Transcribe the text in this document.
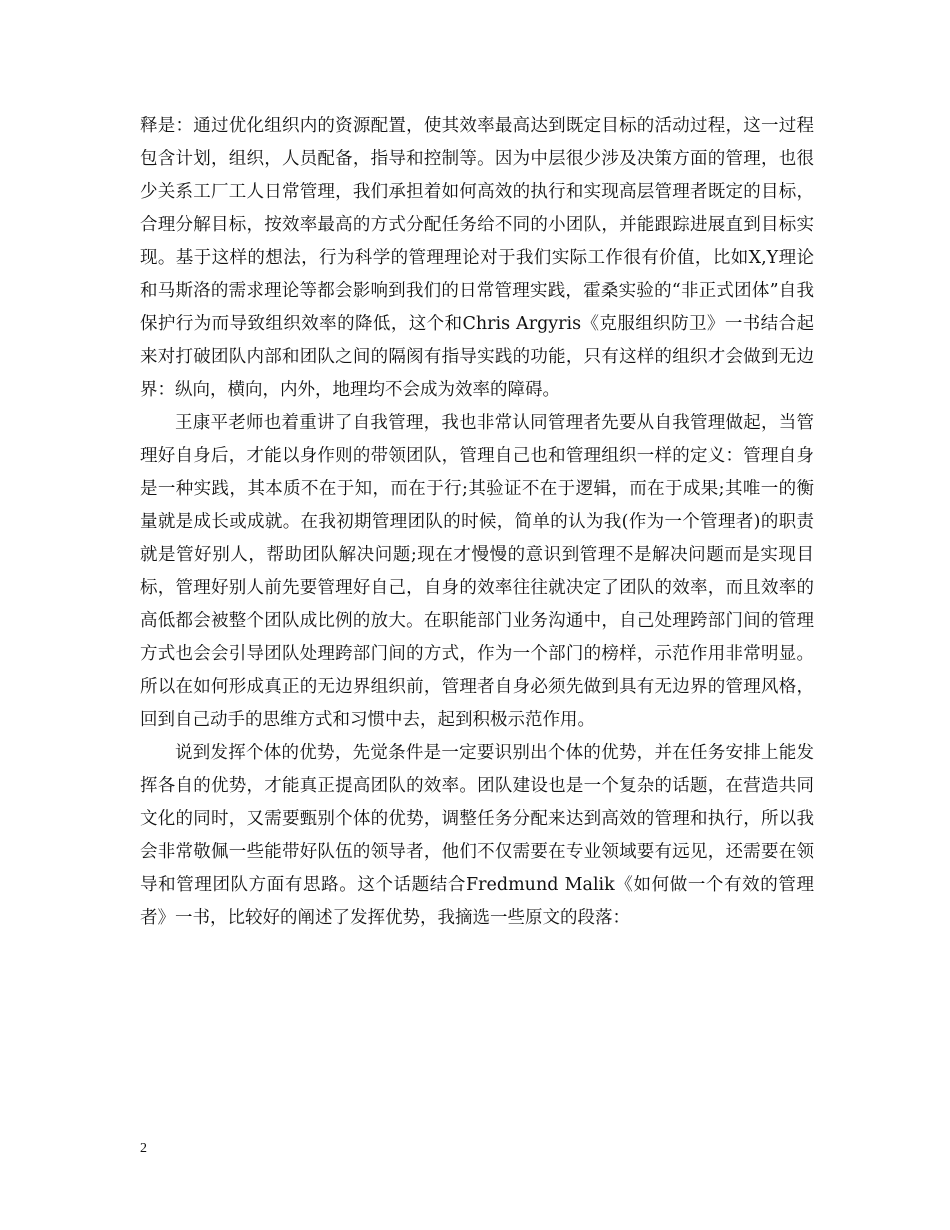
释是：通过优化组织内的资源配置，使其效率最高达到既定目标的活动过程，这一过程包含计划，组织，人员配备，指导和控制等。因为中层很少涉及决策方面的管理，也很少关系工厂工人日常管理，我们承担着如何高效的执行和实现高层管理者既定的目标，合理分解目标，按效率最高的方式分配任务给不同的小团队，并能跟踪进展直到目标实现。基于这样的想法，行为科学的管理理论对于我们实际工作很有价值，比如X,Y理论和马斯洛的需求理论等都会影响到我们的日常管理实践，霍桑实验的“非正式团体”自我保护行为而导致组织效率的降低，这个和Chris Argyris《克服组织防卫》一书结合起来对打破团队内部和团队之间的隔阂有指导实践的功能，只有这样的组织才会做到无边界：纵向，横向，内外，地理均不会成为效率的障碍。

王康平老师也着重讲了自我管理，我也非常认同管理者先要从自我管理做起，当管理好自身后，才能以身作则的带领团队，管理自己也和管理组织一样的定义：管理自身是一种实践，其本质不在于知，而在于行;其验证不在于逻辑，而在于成果;其唯一的衡量就是成长或成就。在我初期管理团队的时候，简单的认为我(作为一个管理者)的职责就是管好别人，帮助团队解决问题;现在才慢慢的意识到管理不是解决问题而是实现目标，管理好别人前先要管理好自己，自身的效率往往就决定了团队的效率，而且效率的高低都会被整个团队成比例的放大。在职能部门业务沟通中，自己处理跨部门间的管理方式也会会引导团队处理跨部门间的方式，作为一个部门的榜样，示范作用非常明显。所以在如何形成真正的无边界组织前，管理者自身必须先做到具有无边界的管理风格，回到自己动手的思维方式和习惯中去，起到积极示范作用。

说到发挥个体的优势，先觉条件是一定要识别出个体的优势，并在任务安排上能发挥各自的优势，才能真正提高团队的效率。团队建设也是一个复杂的话题，在营造共同文化的同时，又需要甄别个体的优势，调整任务分配来达到高效的管理和执行，所以我会非常敬佩一些能带好队伍的领导者，他们不仅需要在专业领域要有远见，还需要在领导和管理团队方面有思路。这个话题结合Fredmund Malik《如何做一个有效的管理者》一书，比较好的阐述了发挥优势，我摘选一些原文的段落：

2
